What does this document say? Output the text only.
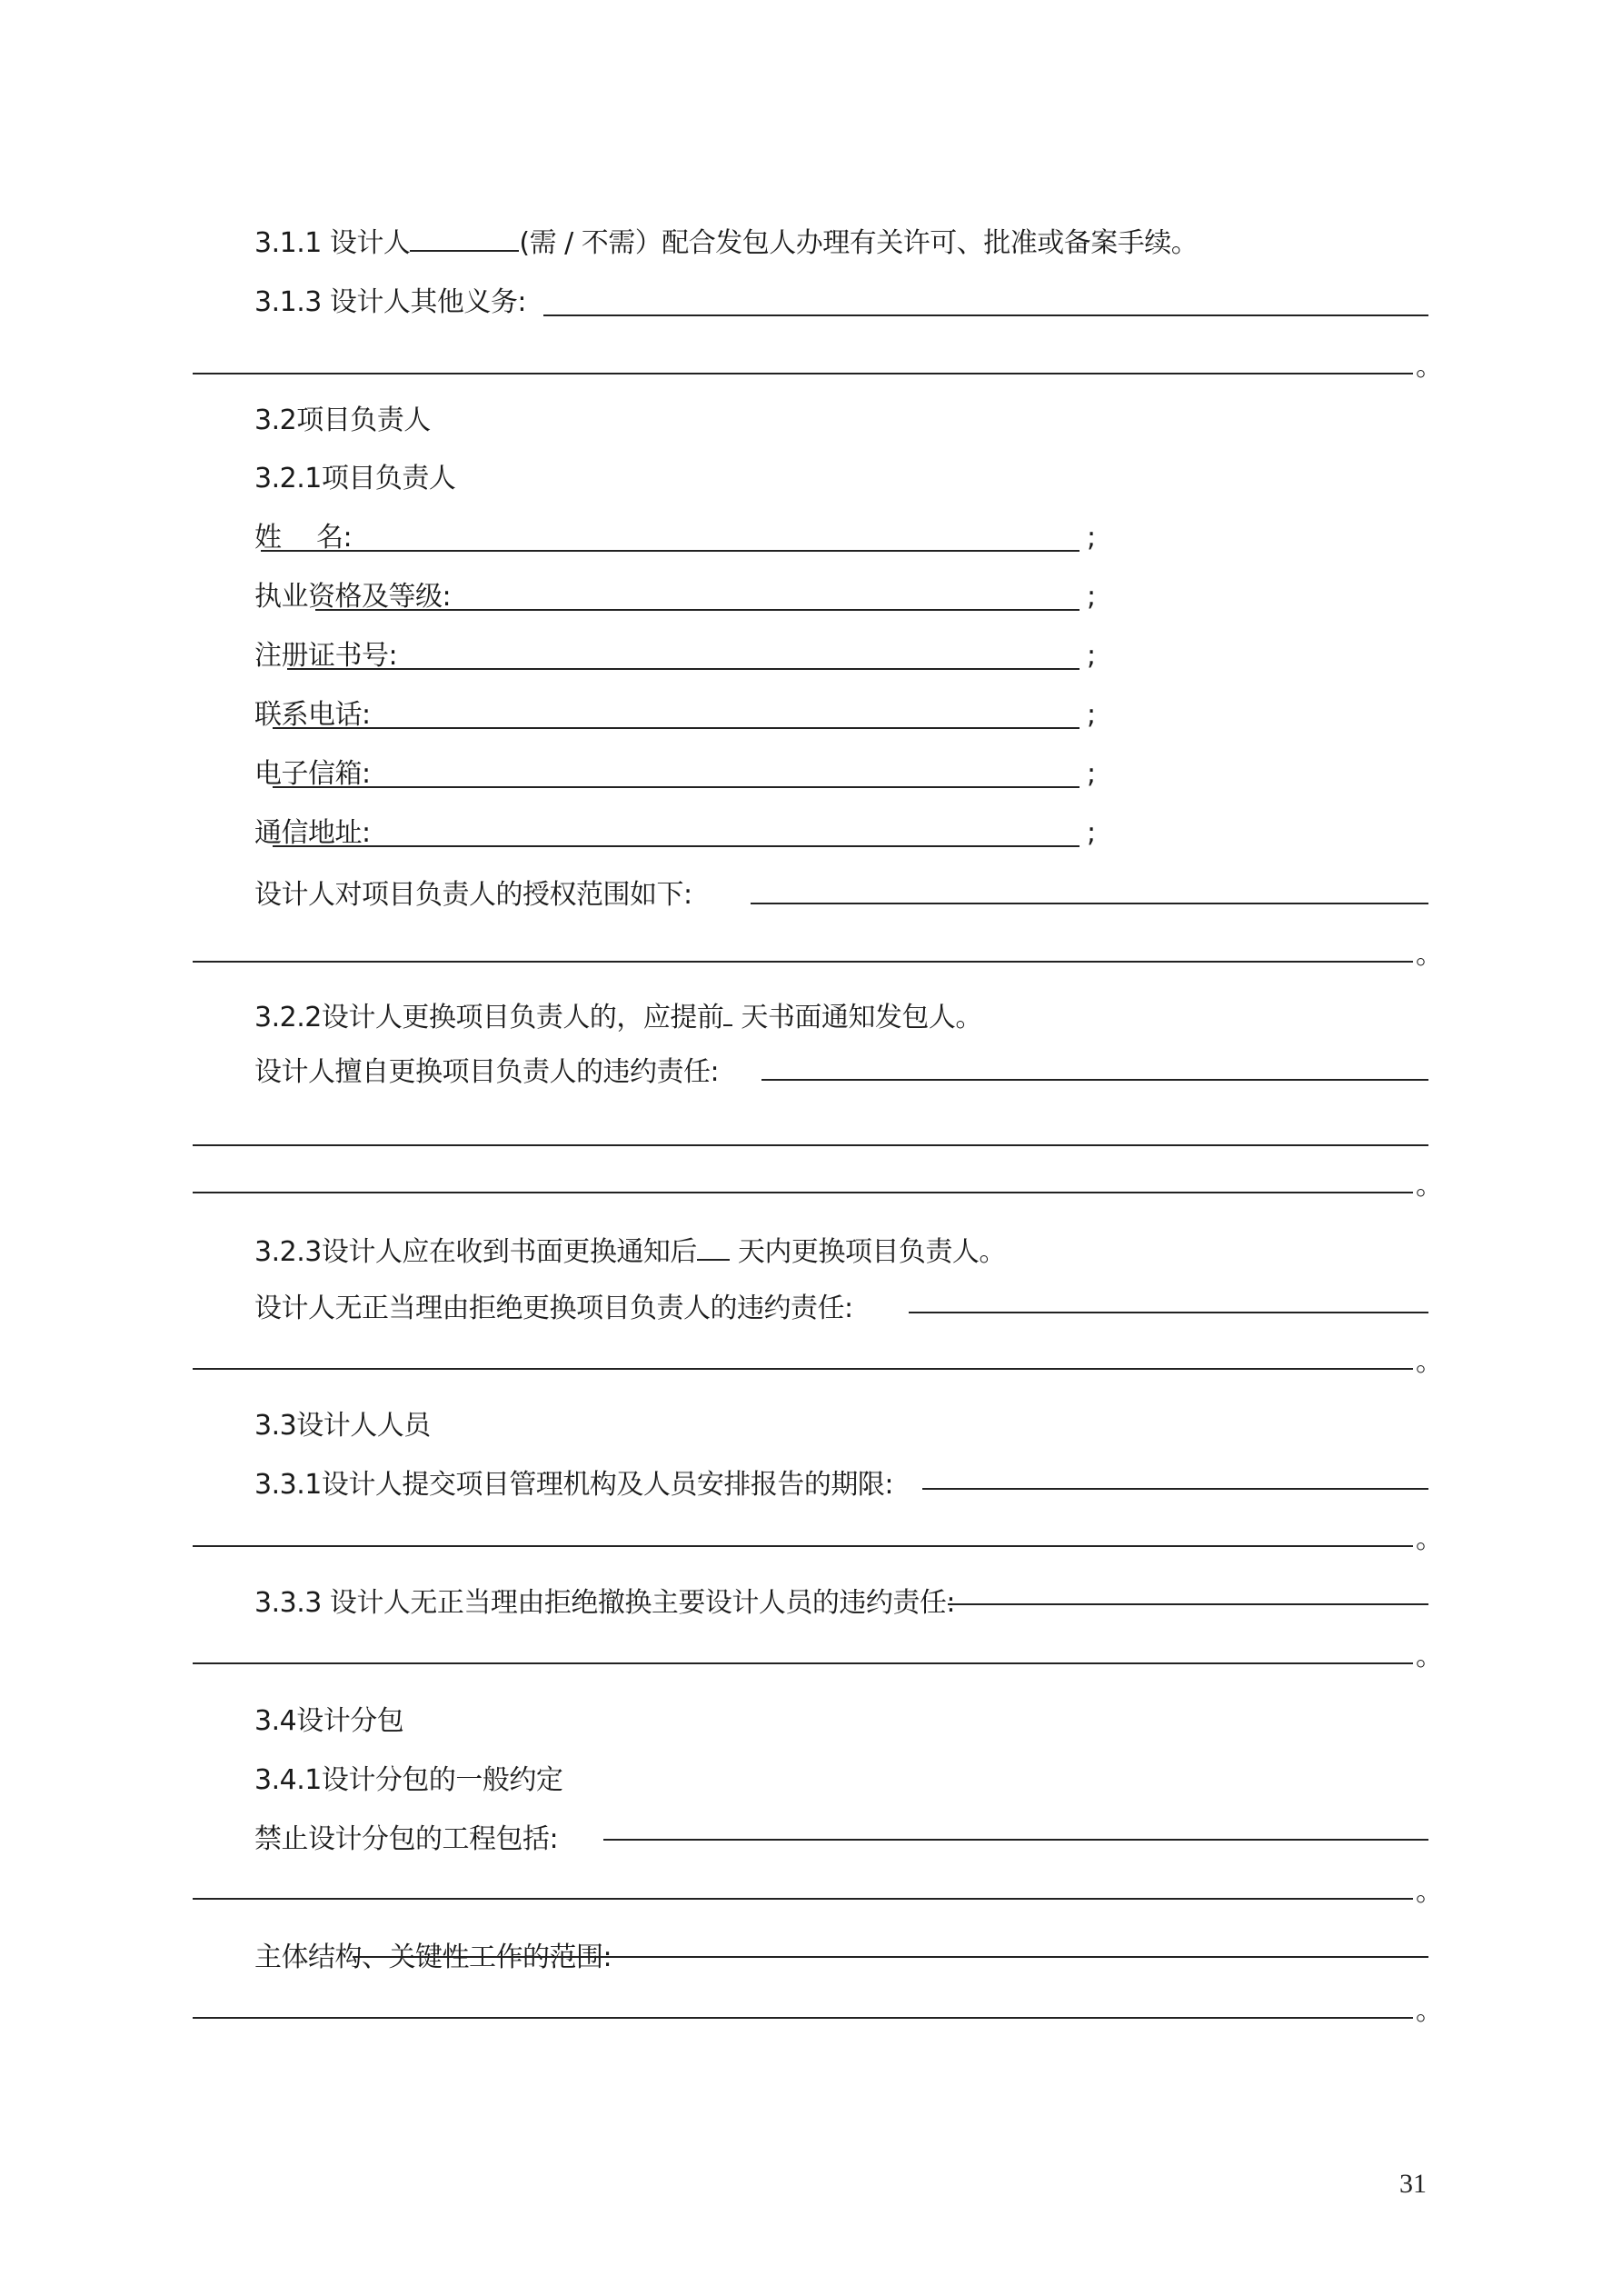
3.1.1 设计人	(需 / 不需）配合发包人办理有关许可、批准或备案手续。
3.1.3 设计人其他义务:
。
3.2项目负责人
3.2.1项目负责人
姓　 名:	;
执业资格及等级:	;
注册证书号:	;
联系电话:	;
电子信箱:	;
通信地址:	;
设计人对项目负责人的授权范围如下:
。
3.2.2设计人更换项目负责人的，应提前 天书面通知发包人。
设计人擅自更换项目负责人的违约责任:
。
3.2.3设计人应在收到书面更换通知后 天内更换项目负责人。
设计人无正当理由拒绝更换项目负责人的违约责任:
。
3.3设计人人员
3.3.1设计人提交项目管理机构及人员安排报告的期限:
。
3.3.3 设计人无正当理由拒绝撤换主要设计人员的违约责任:
。
3.4设计分包
3.4.1设计分包的一般约定
禁止设计分包的工程包括:
。
主体结构、关键性工作的范围:
。
31
